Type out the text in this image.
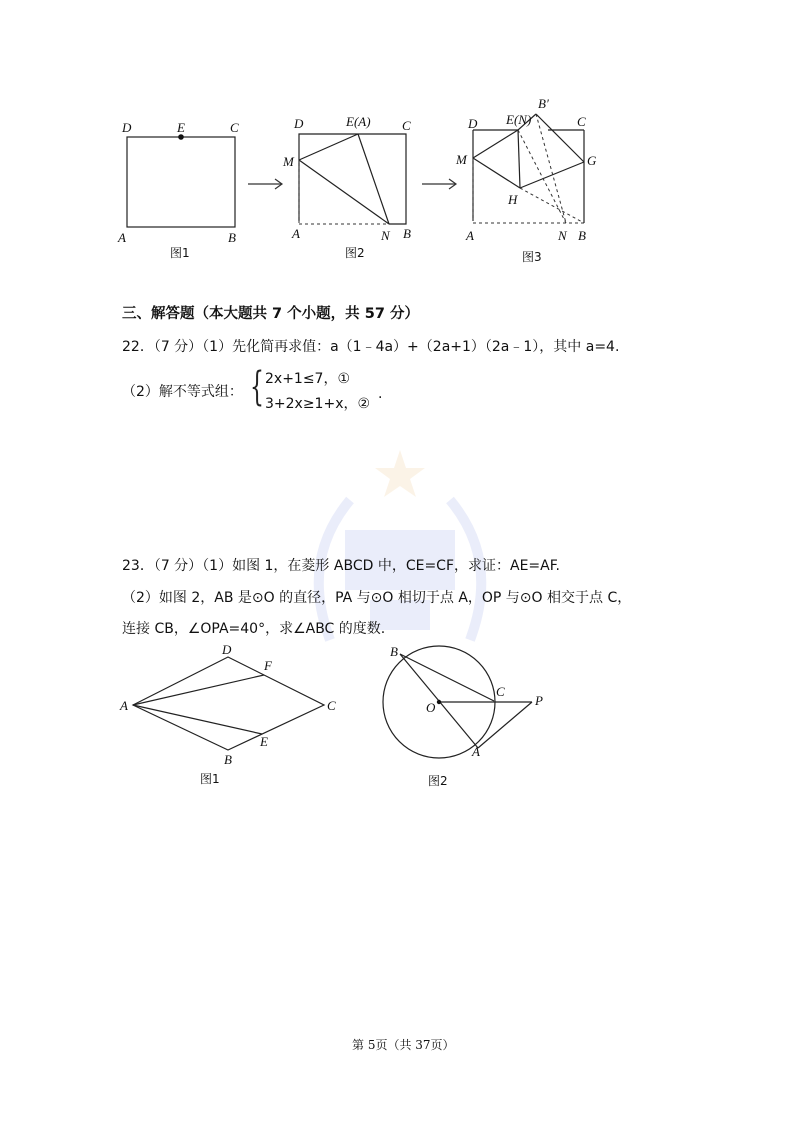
D	E	C
A	B
图1
D	E(A) C
M
A	N B
图2
B′
D E(N)	C
M	G
H
A	N B
图3
三、解答题（本大题共 7 个小题，共 57 分）
22．（7 分）（1）先化简再求值：a（1﹣4a）+（2a+1）（2a﹣1），其中 a=4.
（2）解不等式组： { 2x+1≤7，①
3+2x≥1+x，②
.
23．（7 分）（1）如图 1，在菱形 ABCD 中，CE=CF，求证：AE=AF.
（2）如图 2，AB 是⊙O 的直径，PA 与⊙O 相切于点 A，OP 与⊙O 相交于点 C，
连接 CB，∠OPA=40°，求∠ABC 的度数.
D
F
A	C
E
B
图1
B
C
O	P
A
图2
第 5页（共 37页）
